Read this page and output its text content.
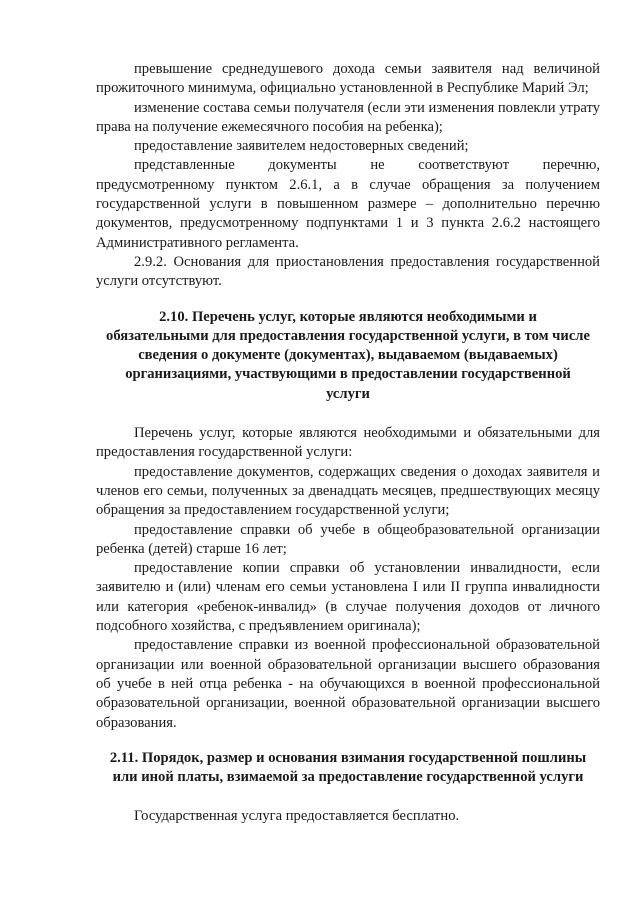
превышение среднедушевого дохода семьи заявителя над величиной прожиточного минимума, официально установленной в Республике Марий Эл;

изменение состава семьи получателя (если эти изменения повлекли утрату права на получение ежемесячного пособия на ребенка);

предоставление заявителем недостоверных сведений;

представленные документы не соответствуют перечню, предусмотренному пунктом 2.6.1, а в случае обращения за получением государственной услуги в повышенном размере – дополнительно перечню документов, предусмотренному подпунктами 1 и 3 пункта 2.6.2 настоящего Административного регламента.

2.9.2. Основания для приостановления предоставления государственной услуги отсутствуют.

2.10. Перечень услуг, которые являются необходимыми и обязательными для предоставления государственной услуги, в том числе сведения о документе (документах), выдаваемом (выдаваемых) организациями, участвующими в предоставлении государственной услуги

Перечень услуг, которые являются необходимыми и обязательными для предоставления государственной услуги:

предоставление документов, содержащих сведения о доходах заявителя и членов его семьи, полученных за двенадцать месяцев, предшествующих месяцу обращения за предоставлением государственной услуги;

предоставление справки об учебе в общеобразовательной организации ребенка (детей) старше 16 лет;

предоставление копии справки об установлении инвалидности, если заявителю и (или) членам его семьи установлена I или II группа инвалидности или категория «ребенок-инвалид» (в случае получения доходов от личного подсобного хозяйства, с предъявлением оригинала);

предоставление справки из военной профессиональной образовательной организации или военной образовательной организации высшего образования об учебе в ней отца ребенка - на обучающихся в военной профессиональной образовательной организации, военной образовательной организации высшего образования.

2.11. Порядок, размер и основания взимания государственной пошлины или иной платы, взимаемой за предоставление государственной услуги

Государственная услуга предоставляется бесплатно.
